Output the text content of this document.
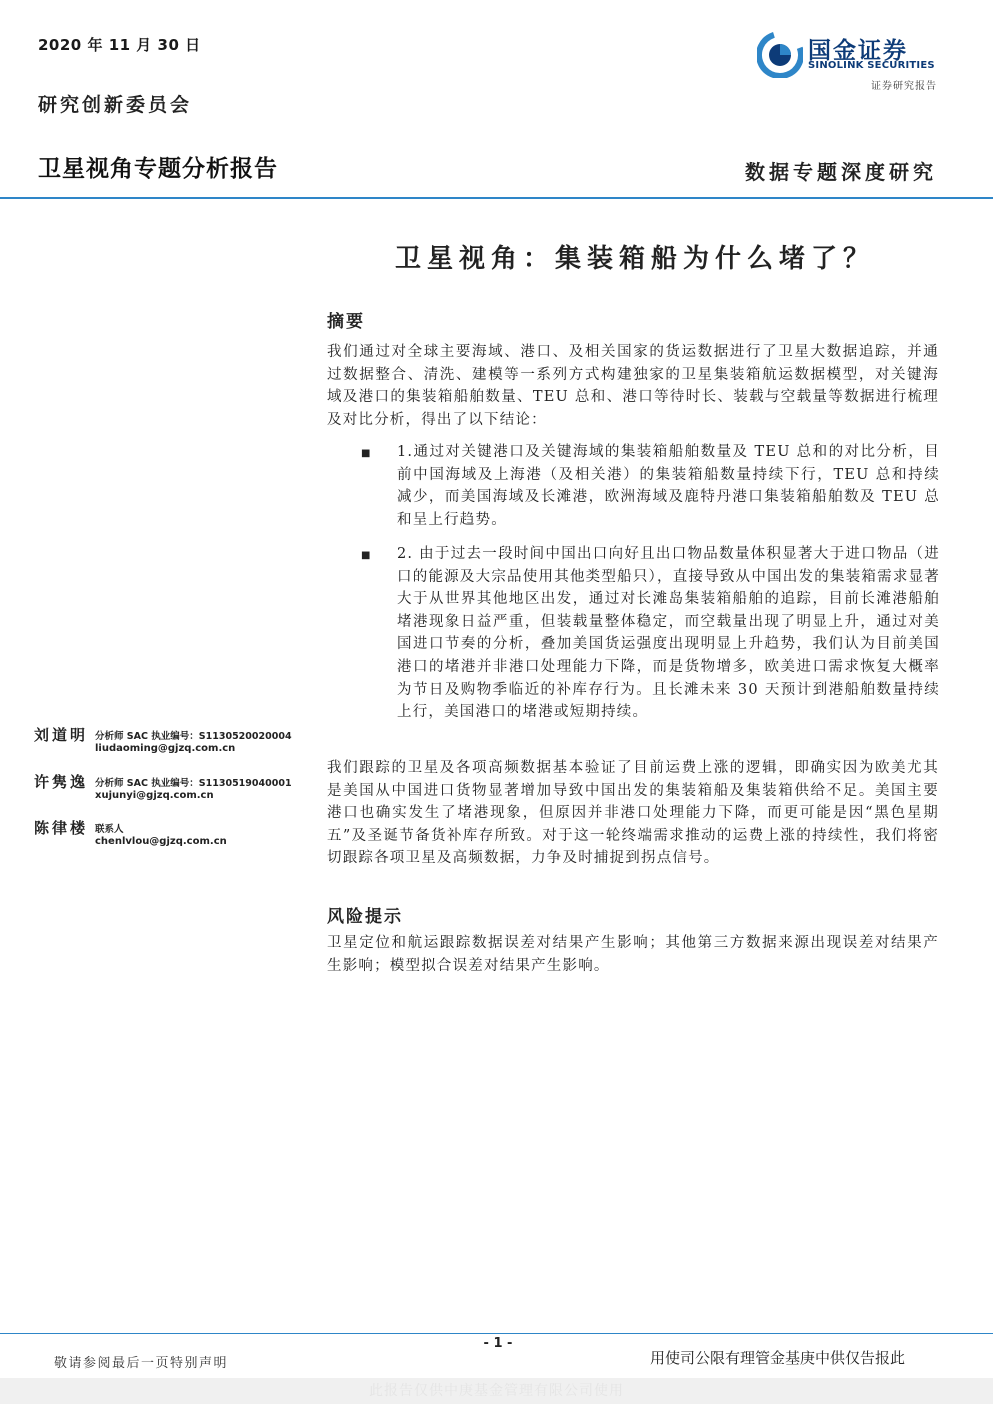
2020 年 11 月 30 日
研究创新委员会
卫星视角专题分析报告	数据专题深度研究
国金证券
SINOLINK SECURITIES
证券研究报告
卫星视角：集装箱船为什么堵了？
摘要

我们通过对全球主要海域、港口、及相关国家的货运数据进行了卫星大数据追踪，并通过数据整合、清洗、建模等一系列方式构建独家的卫星集装箱航运数据模型，对关键海域及港口的集装箱船舶数量、TEU 总和、港口等待时长、装载与空载量等数据进行梳理及对比分析，得出了以下结论：

■ 1.通过对关键港口及关键海域的集装箱船舶数量及 TEU 总和的对比分析，目前中国海域及上海港（及相关港）的集装箱船数量持续下行，TEU 总和持续减少，而美国海域及长滩港，欧洲海域及鹿特丹港口集装箱船舶数及 TEU 总和呈上行趋势。

■ 2. 由于过去一段时间中国出口向好且出口物品数量体积显著大于进口物品（进口的能源及大宗品使用其他类型船只），直接导致从中国出发的集装箱需求显著大于从世界其他地区出发，通过对长滩岛集装箱船舶的追踪，目前长滩港船舶堵港现象日益严重，但装载量整体稳定，而空载量出现了明显上升，通过对美国进口节奏的分析，叠加美国货运强度出现明显上升趋势，我们认为目前美国港口的堵港并非港口处理能力下降，而是货物增多，欧美进口需求恢复大概率为节日及购物季临近的补库存行为。且长滩未来 30 天预计到港船舶数量持续上行，美国港口的堵港或短期持续。

我们跟踪的卫星及各项高频数据基本验证了目前运费上涨的逻辑，即确实因为欧美尤其是美国从中国进口货物显著增加导致中国出发的集装箱船及集装箱供给不足。美国主要港口也确实发生了堵港现象，但原因并非港口处理能力下降，而更可能是因“黑色星期五”及圣诞节备货补库存所致。对于这一轮终端需求推动的运费上涨的持续性，我们将密切跟踪各项卫星及高频数据，力争及时捕捉到拐点信号。

风险提示

卫星定位和航运跟踪数据误差对结果产生影响；其他第三方数据来源出现误差对结果产生影响；模型拟合误差对结果产生影响。

刘道明 分析师 SAC 执业编号：S1130520020004
liudaoming@gjzq.com.cn
许隽逸 分析师 SAC 执业编号：S1130519040001
xujunyi@gjzq.com.cn
陈律楼 联系人
chenlvlou@gjzq.com.cn
- 1 -
敬请参阅最后一页特别声明	用使司公限有理管金基庚中供仅告报此
此报告仅供中庚基金管理有限公司使用
